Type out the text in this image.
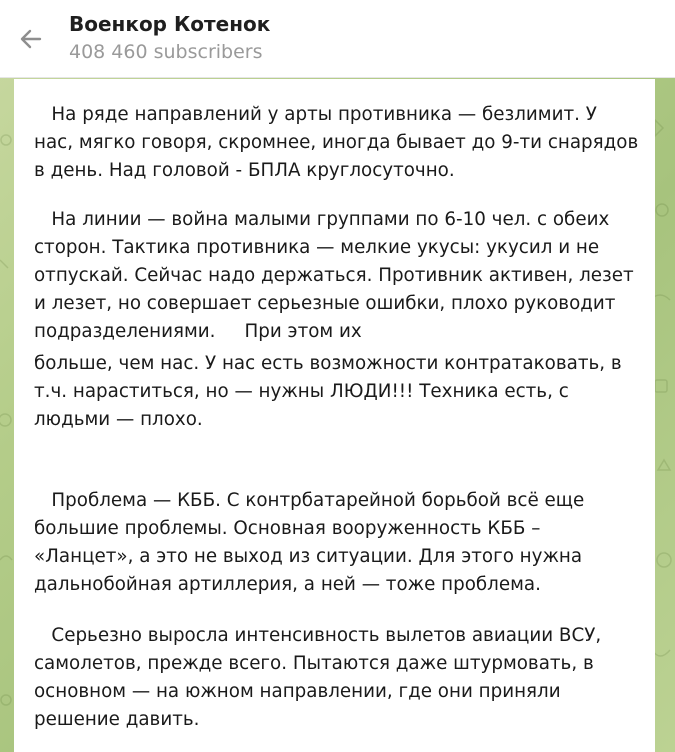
Военкор Котенок
408 460 subscribers

На ряде направлений у арты противника — безлимит. У
нас, мягко говоря, скромнее, иногда бывает до 9-ти снарядов
в день. Над головой - БПЛА круглосуточно.

На линии — война малыми группами по 6-10 чел. с обеих
сторон. Тактика противника — мелкие укусы: укусил и не
отпускай. Сейчас надо держаться. Противник активен, лезет
и лезет, но совершает серьезные ошибки, плохо руководит
подразделениями.     При этом их

больше, чем нас. У нас есть возможности контратаковать, в
т.ч. нараститься, но — нужны ЛЮДИ!!! Техника есть, с
людьми — плохо.

Проблема — КББ. С контрбатарейной борьбой всё еще
большие проблемы. Основная вооруженность КББ –
«Ланцет», а это не выход из ситуации. Для этого нужна
дальнобойная артиллерия, а ней — тоже проблема.

Серьезно выросла интенсивность вылетов авиации ВСУ,
самолетов, прежде всего. Пытаются даже штурмовать, в
основном — на южном направлении, где они приняли
решение давить.
